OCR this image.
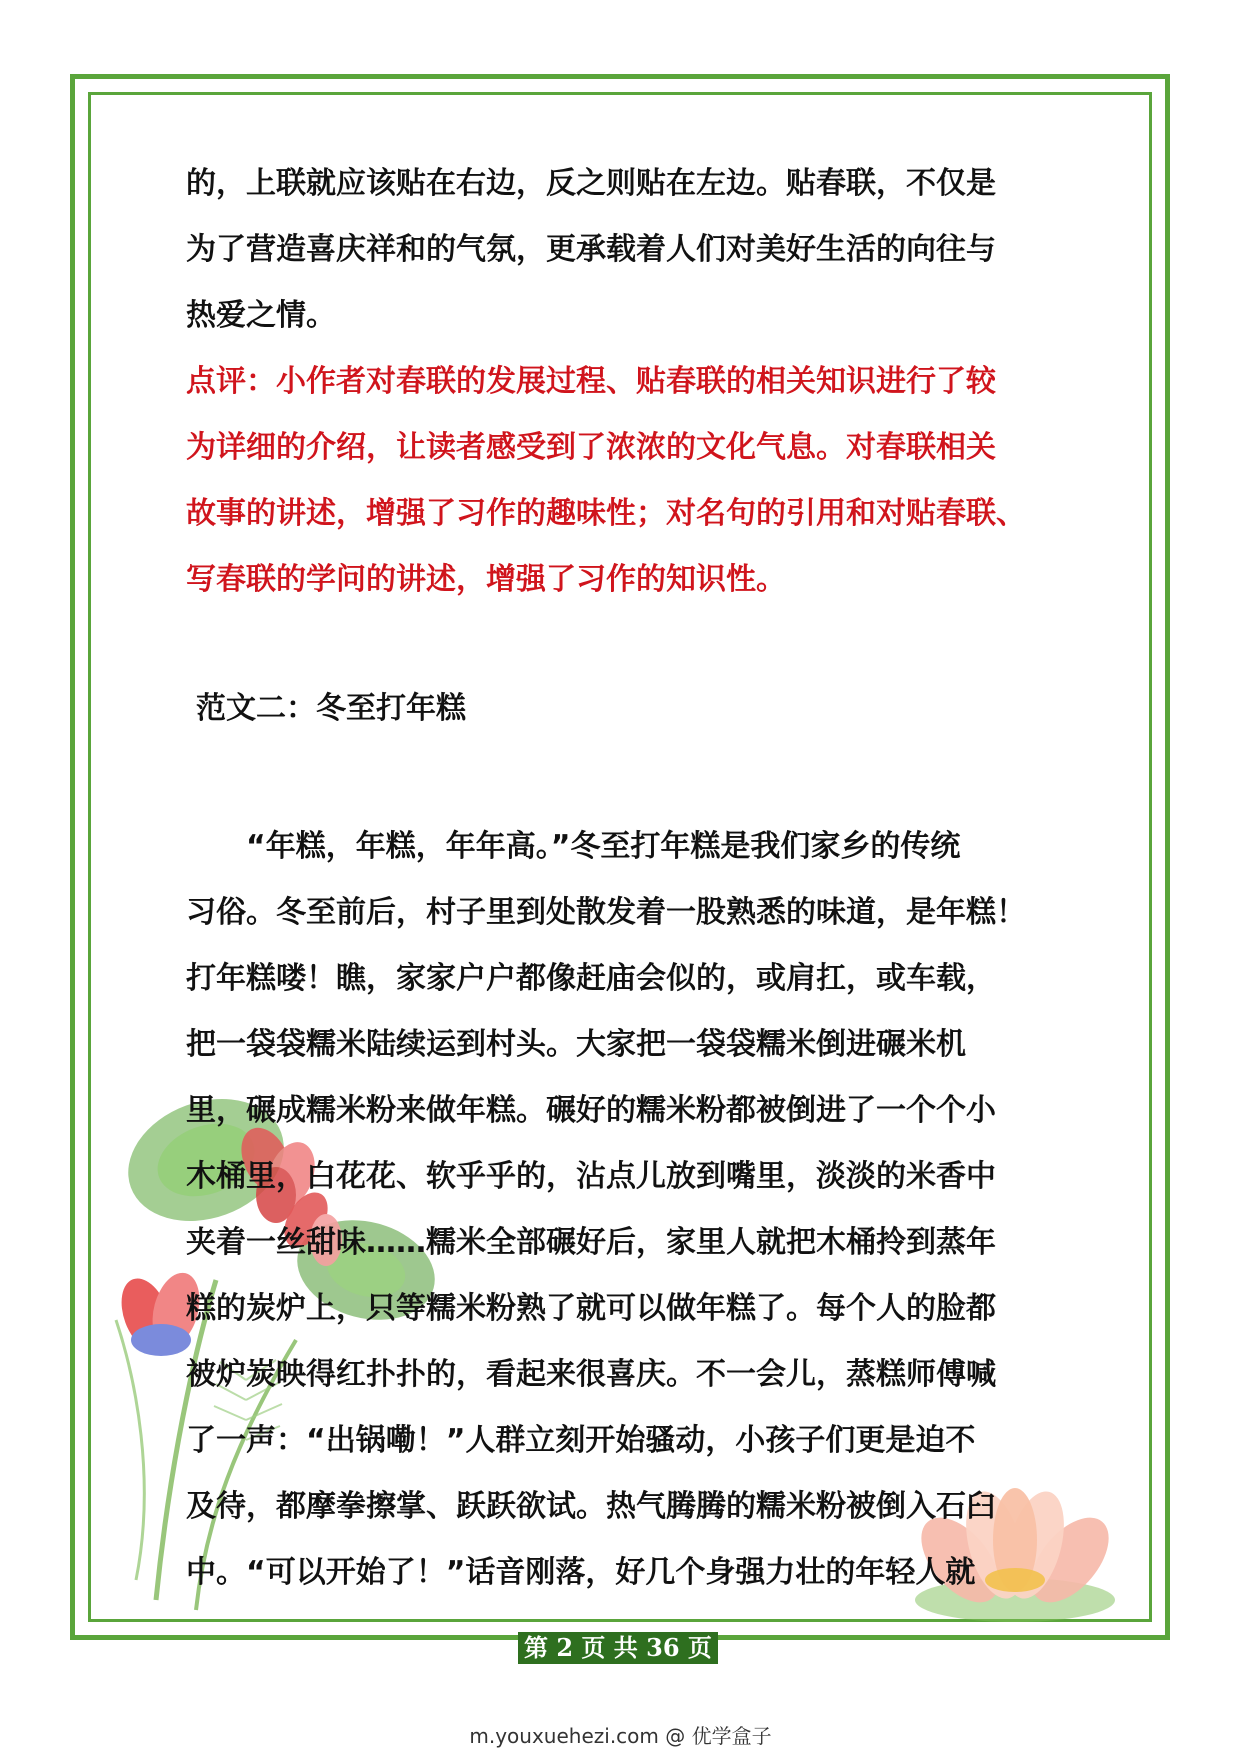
的，上联就应该贴在右边，反之则贴在左边。贴春联，不仅是

为了营造喜庆祥和的气氛，更承载着人们对美好生活的向往与

热爱之情。

点评：小作者对春联的发展过程、贴春联的相关知识进行了较

为详细的介绍，让读者感受到了浓浓的文化气息。对春联相关

故事的讲述，增强了习作的趣味性；对名句的引用和对贴春联、

写春联的学问的讲述，增强了习作的知识性。

范文二：冬至打年糕

　　“年糕，年糕，年年高。”冬至打年糕是我们家乡的传统

习俗。冬至前后，村子里到处散发着一股熟悉的味道，是年糕！

打年糕喽！瞧，家家户户都像赶庙会似的，或肩扛，或车载，

把一袋袋糯米陆续运到村头。大家把一袋袋糯米倒进碾米机

里，碾成糯米粉来做年糕。碾好的糯米粉都被倒进了一个个小

木桶里，白花花、软乎乎的，沾点儿放到嘴里，淡淡的米香中

夹着一丝甜味……糯米全部碾好后，家里人就把木桶拎到蒸年

糕的炭炉上，只等糯米粉熟了就可以做年糕了。每个人的脸都

被炉炭映得红扑扑的，看起来很喜庆。不一会儿，蒸糕师傅喊

了一声：“出锅嘞！”人群立刻开始骚动，小孩子们更是迫不

及待，都摩拳擦掌、跃跃欲试。热气腾腾的糯米粉被倒入石臼

中。“可以开始了！”话音刚落，好几个身强力壮的年轻人就

第 2 页 共 36 页
m.youxuehezi.com @ 优学盒子
